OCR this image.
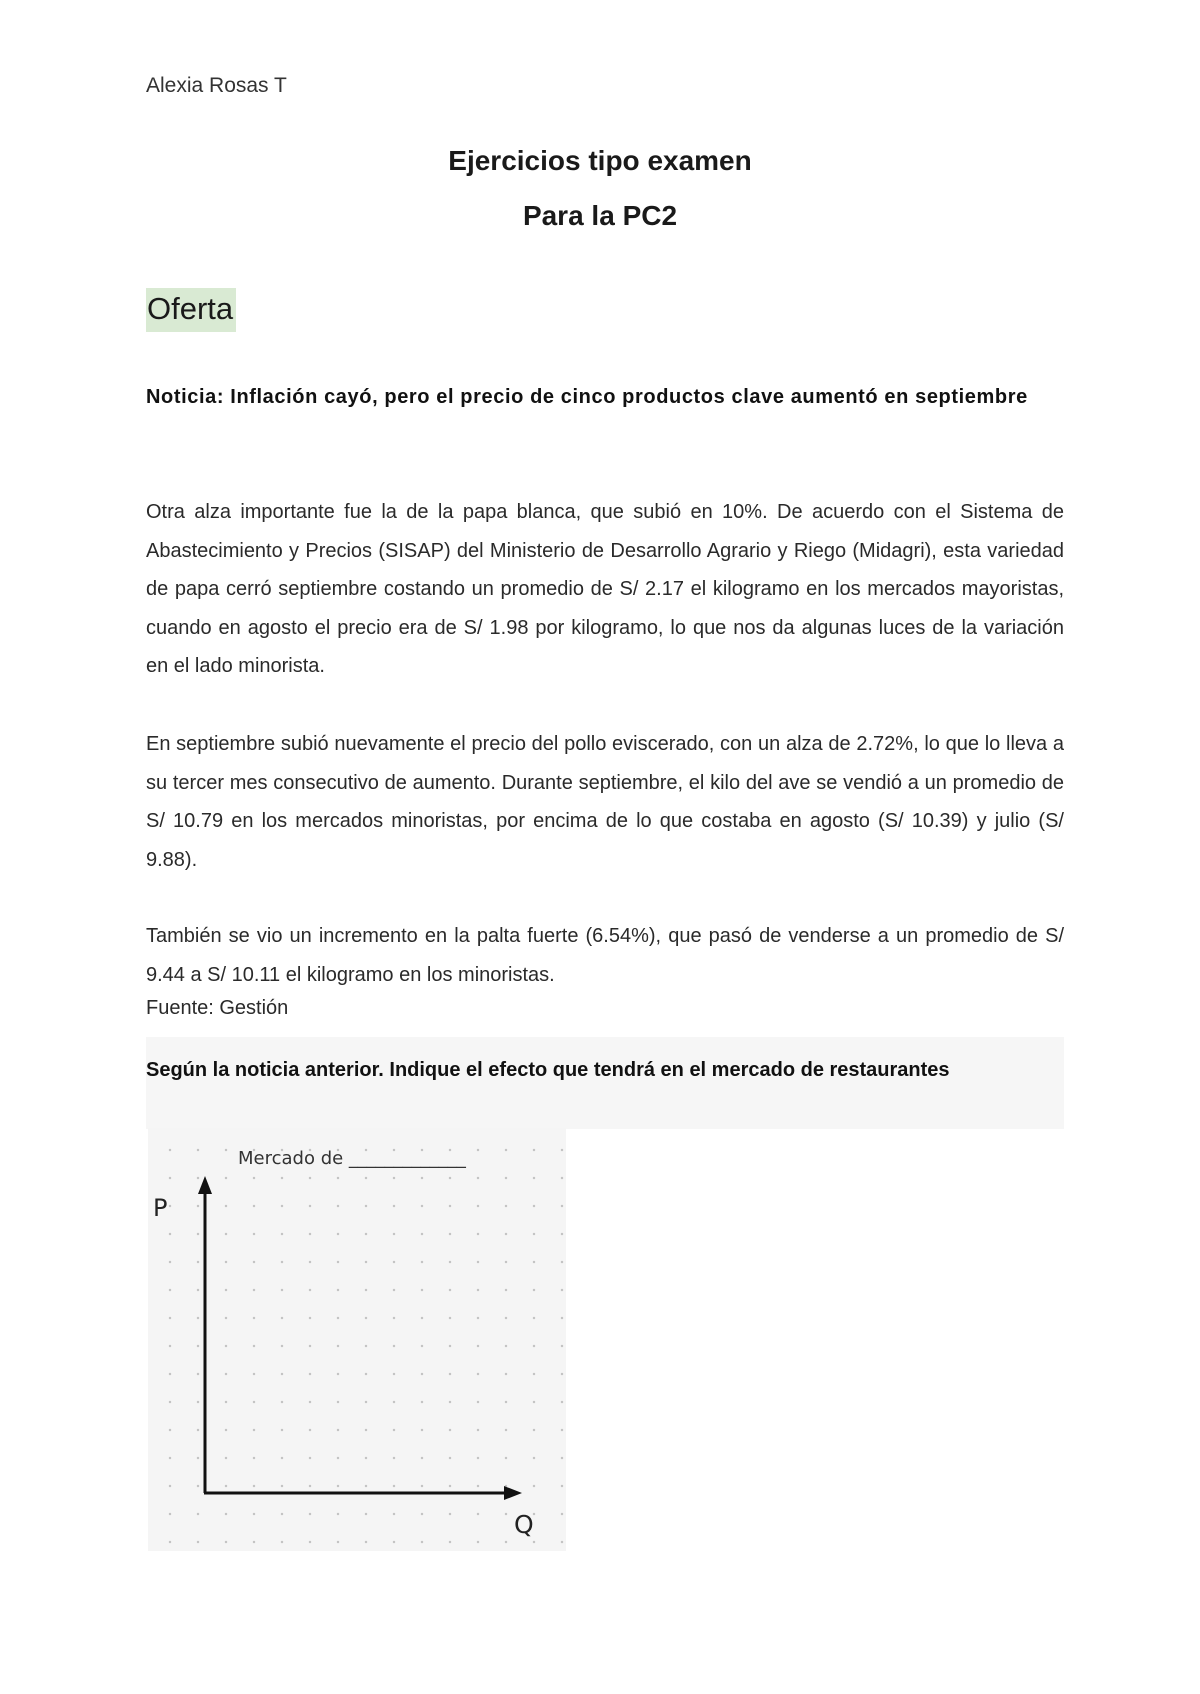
Alexia Rosas T
Ejercicios tipo examen
Para la PC2
Oferta
Noticia: Inflación cayó, pero el precio de cinco productos clave aumentó en septiembre
Otra alza importante fue la de la papa blanca, que subió en 10%. De acuerdo con el Sistema de Abastecimiento y Precios (SISAP) del Ministerio de Desarrollo Agrario y Riego (Midagri), esta variedad de papa cerró septiembre costando un promedio de S/ 2.17 el kilogramo en los mercados mayoristas, cuando en agosto el precio era de S/ 1.98 por kilogramo, lo que nos da algunas luces de la variación en el lado minorista.
En septiembre subió nuevamente el precio del pollo eviscerado, con un alza de 2.72%, lo que lo lleva a su tercer mes consecutivo de aumento. Durante septiembre, el kilo del ave se vendió a un promedio de S/ 10.79 en los mercados minoristas, por encima de lo que costaba en agosto (S/ 10.39) y julio (S/ 9.88).
También se vio un incremento en la palta fuerte (6.54%), que pasó de venderse a un promedio de S/ 9.44 a S/ 10.11 el kilogramo en los minoristas.
Fuente: Gestión
Según la noticia anterior. Indique el efecto que tendrá en el mercado de restaurantes
Mercado de _____________
P
Q
